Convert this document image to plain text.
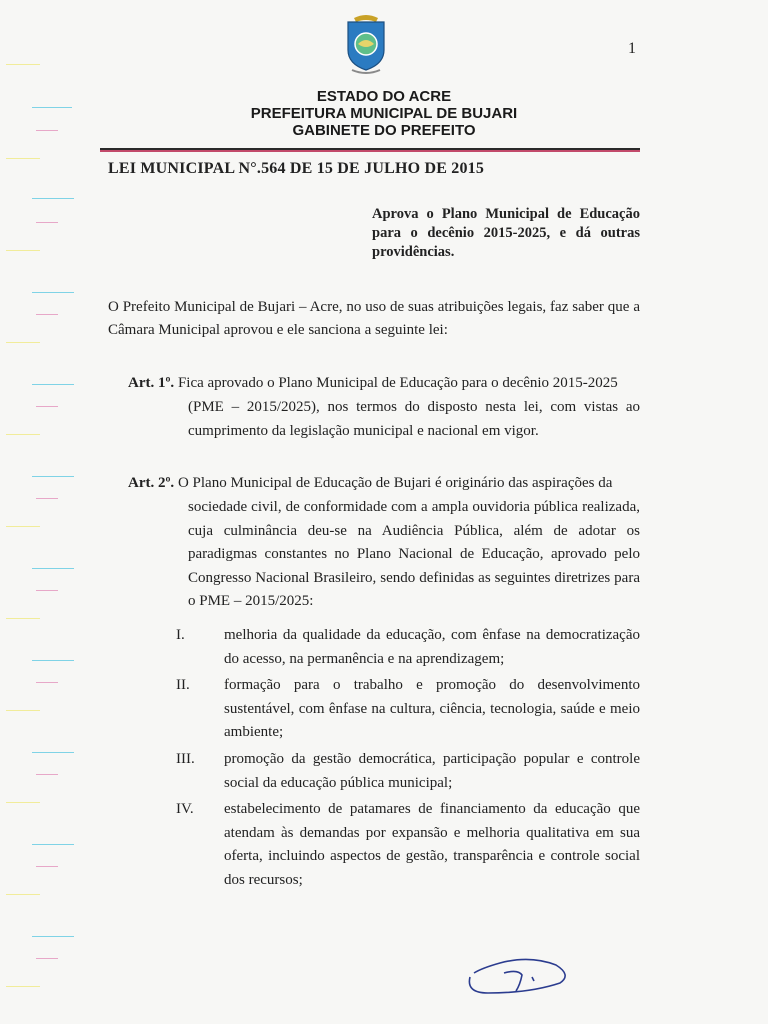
1
ESTADO DO ACRE
PREFEITURA MUNICIPAL DE BUJARI
GABINETE DO PREFEITO
LEI MUNICIPAL N°.564 DE 15 DE JULHO DE 2015
Aprova o Plano Municipal de Educação para o decênio 2015-2025, e dá outras providências.
O Prefeito Municipal de Bujari – Acre, no uso de suas atribuições legais, faz saber que a Câmara Municipal aprovou e ele sanciona a seguinte lei:
Art. 1º. Fica aprovado o Plano Municipal de Educação para o decênio 2015-2025
(PME – 2015/2025), nos termos do disposto nesta lei, com vistas ao cumprimento da legislação municipal e nacional em vigor.
Art. 2º. O Plano Municipal de Educação de Bujari é originário das aspirações da
sociedade civil, de conformidade com a ampla ouvidoria pública realizada, cuja culminância deu-se na Audiência Pública, além de adotar os paradigmas constantes no Plano Nacional de Educação, aprovado pelo Congresso Nacional Brasileiro, sendo definidas as seguintes diretrizes para o PME – 2015/2025:
I.	melhoria da qualidade da educação, com ênfase na democratização do acesso, na permanência e na aprendizagem;
II.	formação para o trabalho e promoção do desenvolvimento sustentável, com ênfase na cultura, ciência, tecnologia, saúde e meio ambiente;
III.	promoção da gestão democrática, participação popular e controle social da educação pública municipal;
IV.	estabelecimento de patamares de financiamento da educação que atendam às demandas por expansão e melhoria qualitativa em sua oferta, incluindo aspectos de gestão, transparência e controle social dos recursos;
